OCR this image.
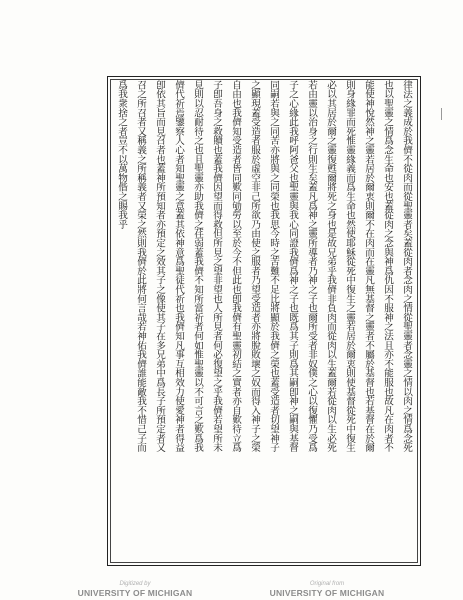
律法之義成於我儕不從肉而從聖靈者矣蓋從肉者念肉之情從聖靈者念靈之情以肉之情爲念死
也以聖靈之情爲念生命也安也蓋從肉之念與神爲仇因不服神之法且亦不能服也故凡在肉者不
能使神悅然神之靈若居於爾衷則爾不在肉而在靈凡無基督之靈者不屬於基督也若基督在於爾
則身緣罪而死惟靈緣義而爲生命也然使耶穌從死中復生之靈若居於爾衷則使基督從死中復生
必以其居於爾之靈復甦爾將死之身也是故兄弟乎我儕非負肉而從肉以生蓋爾若從肉以生必死
若由靈以治身之行則生矣蓋凡爲神之靈所導者乃神之子也爾所受者非奴僕之心以復懼乃受爲
子之心緣此我呼阿爸父也聖靈與我心同證我儕爲神之子也既爲其子則爲其嗣卽神之嗣與基督
同嗣若與之同苦亦將與之同榮也我思今時之苦難不足比將顯於我儕之榮也蓋受造者切望神子
之顯現蓋受造者服於虛空非己所欲乃由使之服者乃望受造者亦將脫敗壞之奴而得入神子之榮
自由也我儕知受造者皆同歎同劬勞以至於今不但此也卽我儕有聖靈初結之實者亦自歎待立爲
子卽吾身之救贖也蓋我儕因望而得救但所見之望非望也人所見者何必復望之乎我儕若望所未
見則以忍耐待之也且聖靈亦助我儕之荏弱蓋我儕不知所當祈者何如惟聖靈以不可言之歎爲我
儕代祈焉鑒察人心者知聖靈之意蓋其依神意爲聖徒代祈也我儕知凡事互相效力使愛神者得益
卽依其旨而見召者也蓋神所預知者亦預定之效其子之像使其子在多兄弟中爲長子所預定者又
召之所召者又稱義之所稱義者又榮之然則我儕於此將何言哉若神佑我儕誰能敵我不惜己子而
爲我衆捨之者豈不以萬物偕之賜我乎
Digitized by
UNIVERSITY OF MICHIGAN
Original from
UNIVERSITY OF MICHIGAN
